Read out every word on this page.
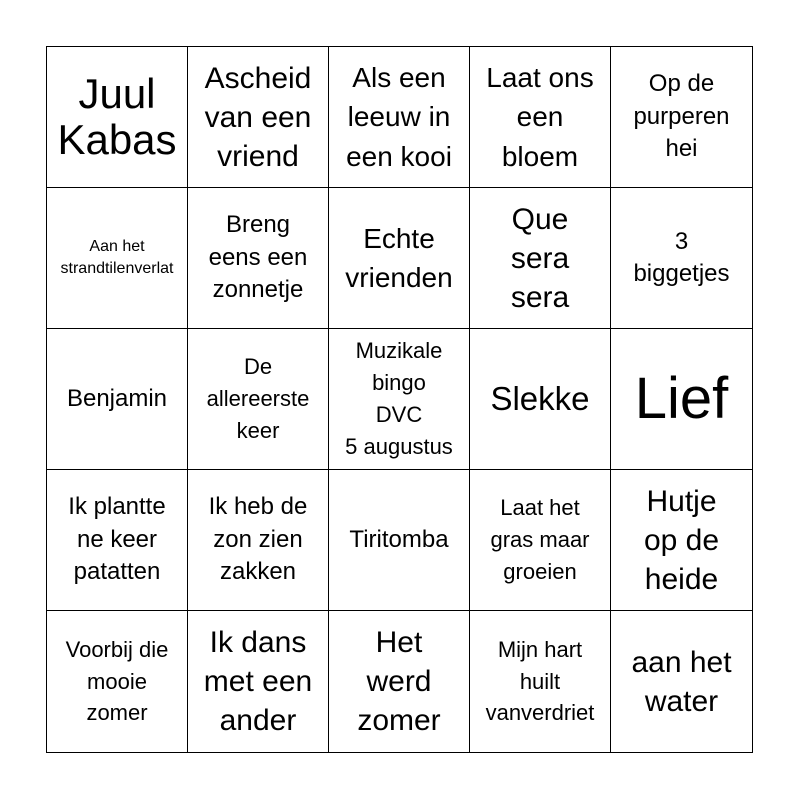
Juul
Kabas
Ascheid
van een
vriend
Als een
leeuw in
een kooi
Laat ons
een
bloem
Op de
purperen
hei
Aan het
strandtilenverlat
Breng
eens een
zonnetje
Echte
vrienden
Que
sera
sera
3
biggetjes
Benjamin
De
allereerste
keer
Muzikale
bingo
DVC
5 augustus
Slekke Lief
Ik plantte
ne keer
patatten
Ik heb de
zon zien
zakken
Tiritomba
Laat het
gras maar
groeien
Hutje
op de
heide
Voorbij die
mooie
zomer
Ik dans
met een
ander
Het
werd
zomer
Mijn hart
huilt
vanverdriet
aan het
water
